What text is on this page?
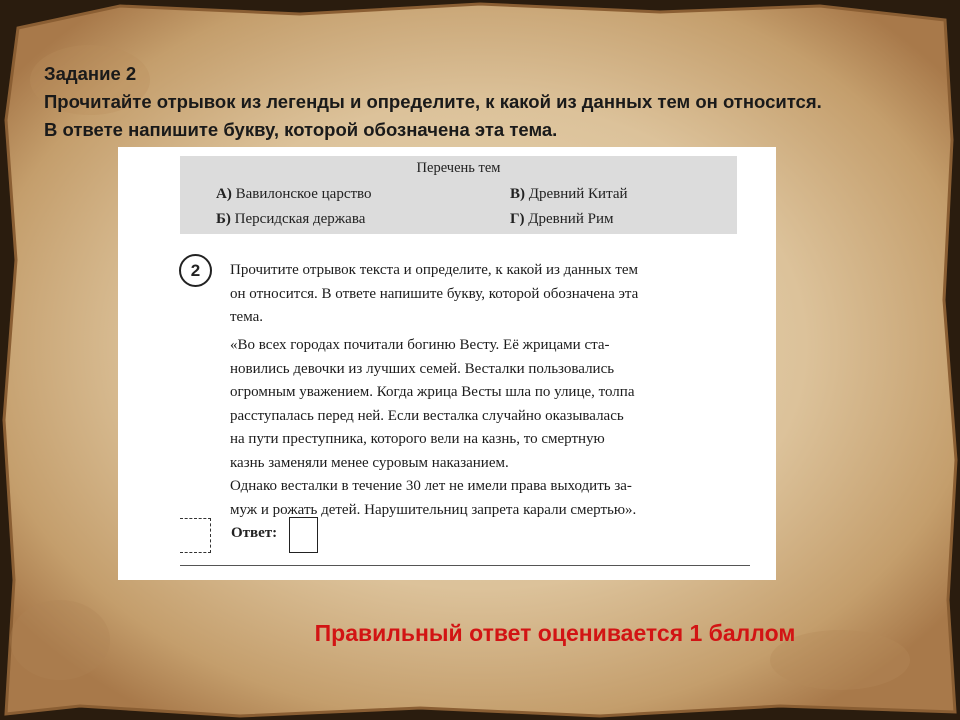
Задание 2
Прочитайте отрывок из легенды и определите, к какой из данных тем он относится.
В ответе напишите букву, которой обозначена эта тема.
Перечень тем
А) Вавилонское царство	В) Древний Китай
Б) Персидская держава	Г) Древний Рим
2	Прочитите отрывок текста и определите, к какой из данных тем
он относится. В ответе напишите букву, которой обозначена эта
тема.
«Во всех городах почитали богиню Весту. Её жрицами ста-
новились девочки из лучших семей. Весталки пользовались
огромным уважением. Когда жрица Весты шла по улице, толпа
расступалась перед ней. Если весталка случайно оказывалась
на пути преступника, которого вели на казнь, то смертную
казнь заменяли менее суровым наказанием.
Однако весталки в течение 30 лет не имели права выходить за-
муж и рожать детей. Нарушительниц запрета карали смертью».
Ответ:
Правильный ответ оценивается 1 баллом
